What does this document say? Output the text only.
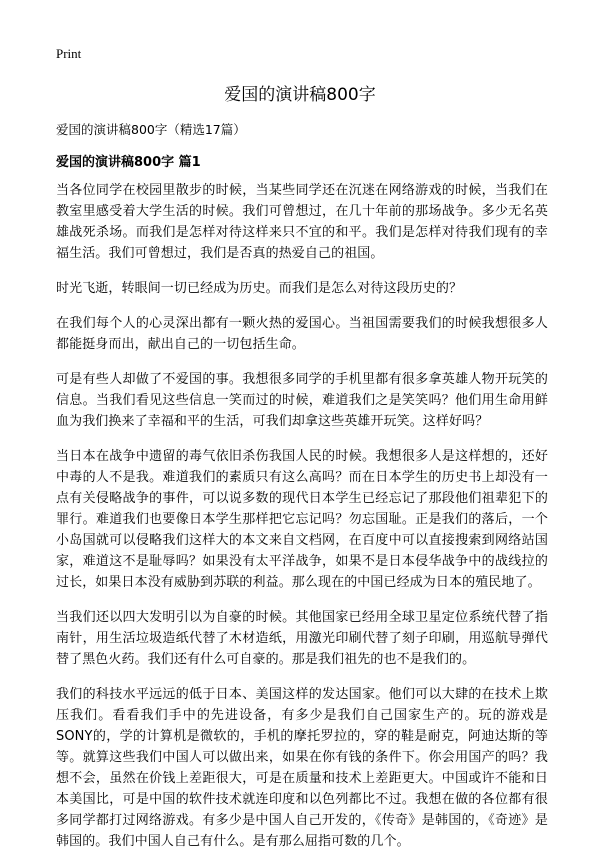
Print
爱国的演讲稿800字
爱国的演讲稿800字（精选17篇）
爱国的演讲稿800字 篇1

当各位同学在校园里散步的时候，当某些同学还在沉迷在网络游戏的时候，当我们在教室里感受着大学生活的时候。我们可曾想过，在几十年前的那场战争。多少无名英雄战死杀场。而我们是怎样对待这样来只不宜的和平。我们是怎样对待我们现有的幸福生活。我们可曾想过，我们是否真的热爱自己的祖国。

时光飞逝，转眼间一切已经成为历史。而我们是怎么对待这段历史的？

在我们每个人的心灵深出都有一颗火热的爱国心。当祖国需要我们的时候我想很多人都能挺身而出，献出自己的一切包括生命。

可是有些人却做了不爱国的事。我想很多同学的手机里都有很多拿英雄人物开玩笑的信息。当我们看见这些信息一笑而过的时候，难道我们之是笑笑吗？他们用生命用鲜血为我们换来了幸福和平的生活，可我们却拿这些英雄开玩笑。这样好吗？

当日本在战争中遗留的毒气依旧杀伤我国人民的时候。我想很多人是这样想的，还好中毒的人不是我。难道我们的素质只有这么高吗？而在日本学生的历史书上却没有一点有关侵略战争的事件，可以说多数的现代日本学生已经忘记了那段他们祖辈犯下的罪行。难道我们也要像日本学生那样把它忘记吗？勿忘国耻。正是我们的落后，一个小岛国就可以侵略我们这样大的本文来自文档网，在百度中可以直接搜索到网络站国家，难道这不是耻辱吗？如果没有太平洋战争，如果不是日本侵华战争中的战线拉的过长，如果日本没有威胁到苏联的利益。那么现在的中国已经成为日本的殖民地了。

当我们还以四大发明引以为自豪的时候。其他国家已经用全球卫星定位系统代替了指南针，用生活垃圾造纸代替了木材造纸，用激光印刷代替了刻子印刷，用巡航导弹代替了黑色火药。我们还有什么可自豪的。那是我们祖先的也不是我们的。

我们的科技水平远远的低于日本、美国这样的发达国家。他们可以大肆的在技术上欺压我们。看看我们手中的先进设备，有多少是我们自己国家生产的。玩的游戏是SONY的，学的计算机是微软的，手机的摩托罗拉的，穿的鞋是耐克，阿迪达斯的等等。就算这些我们中国人可以做出来，如果在你有钱的条件下。你会用国产的吗？我想不会，虽然在价钱上差距很大，可是在质量和技术上差距更大。中国或许不能和日本美国比，可是中国的软件技术就连印度和以色列都比不过。我想在做的各位都有很多同学都打过网络游戏。有多少是中国人自己开发的，《传奇》是韩国的，《奇迹》是韩国的。我们中国人自己有什么。是有那么屈指可数的几个。
